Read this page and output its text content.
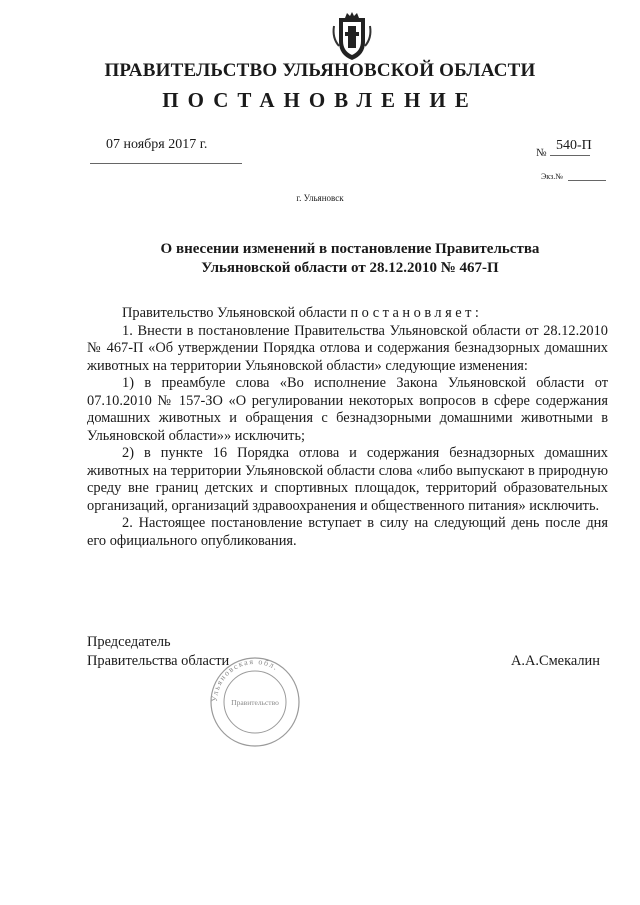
ПРАВИТЕЛЬСТВО УЛЬЯНОВСКОЙ ОБЛАСТИ
ПОСТАНОВЛЕНИЕ
07 ноября 2017 г.
№ 540-П
Экз.№
г. Ульяновск
О внесении изменений в постановление Правительства
Ульяновской области от 28.12.2010 № 467-П

Правительство Ульяновской области постановляет:

1. Внести в постановление Правительства Ульяновской области от 28.12.2010 № 467-П «Об утверждении Порядка отлова и содержания безнадзорных домашних животных на территории Ульяновской области» следующие изменения:

1) в преамбуле слова «Во исполнение Закона Ульяновской области от 07.10.2010 № 157-ЗО «О регулировании некоторых вопросов в сфере содержания домашних животных и обращения с безнадзорными домашними животными в Ульяновской области»» исключить;

2) в пункте 16 Порядка отлова и содержания безнадзорных домашних животных на территории Ульяновской области слова «либо выпускают в природную среду вне границ детских и спортивных площадок, территорий образовательных организаций, организаций здравоохранения и общественного питания» исключить.

2. Настоящее постановление вступает в силу на следующий день после дня его официального опубликования.

Председатель
Правительства области	А.А.Смекалин
Ульяновская обл.
Правительство
